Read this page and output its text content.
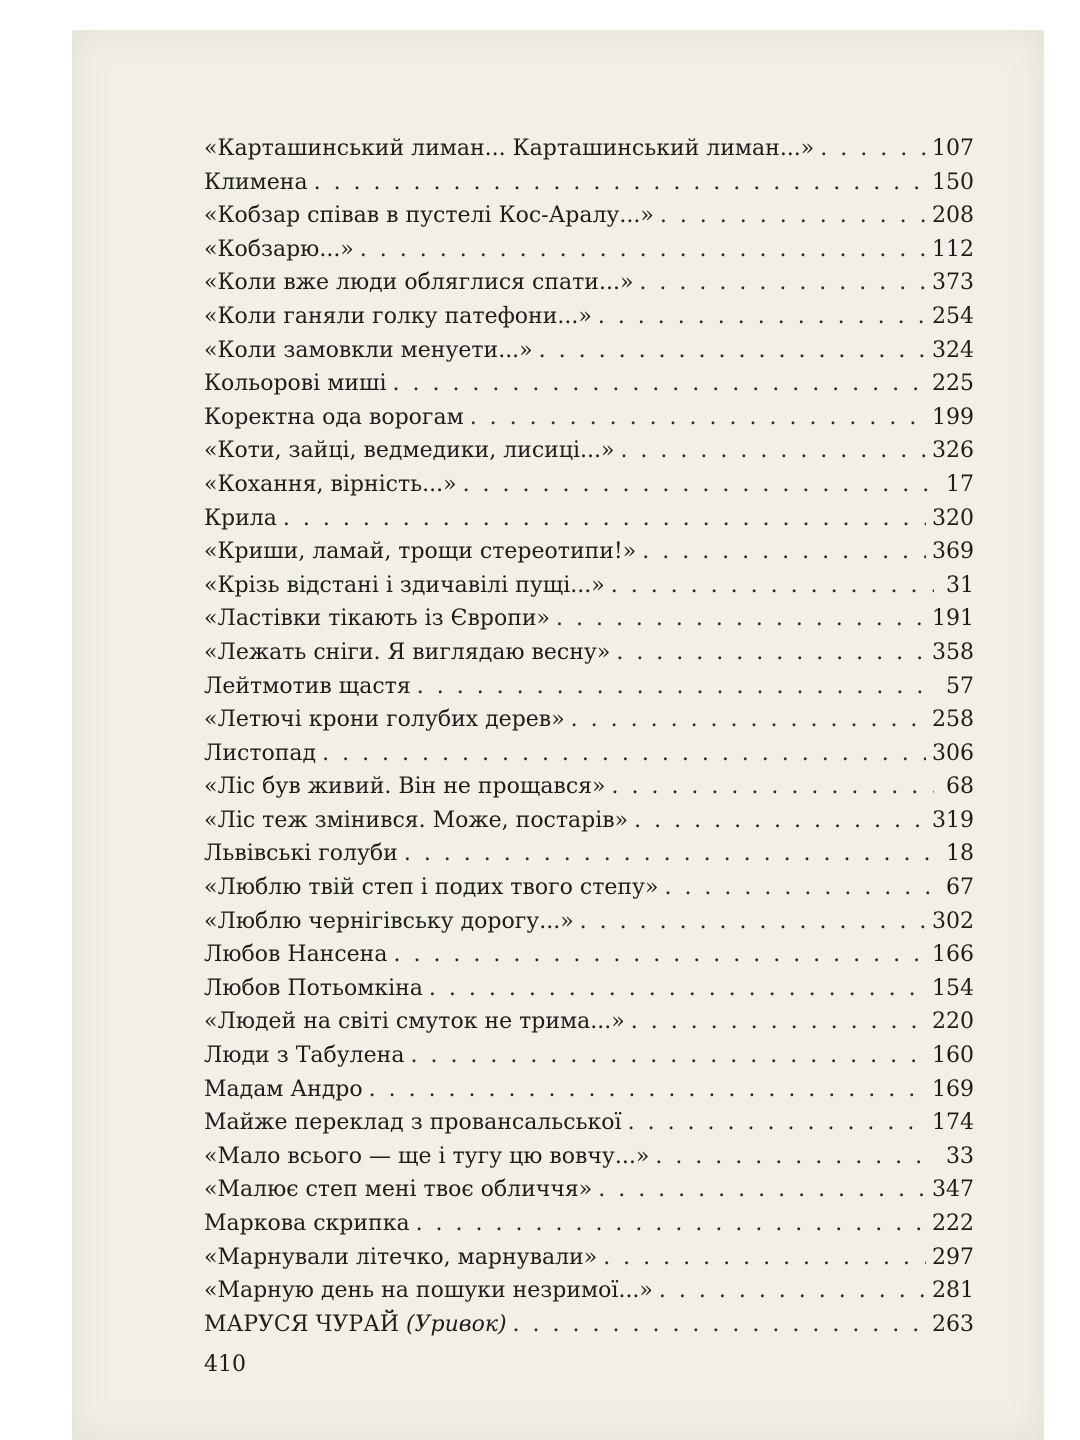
«Карташинський лиман... Карташинський лиман...» . . .	107
Климена . . .	150
«Кобзар співав в пустелі Кос-Аралу...» . . .	208
«Кобзарю...» . . .	112
«Коли вже люди обляглися спати...» . . .	373
«Коли ганяли голку патефони...» . . .	254
«Коли замовкли менуети...» . . .	324
Кольорові миші . . .	225
Коректна ода ворогам . . .	199
«Коти, зайці, ведмедики, лисиці...» . . .	326
«Кохання, вірність...» . . .	17
Крила . . .	320
«Криши, ламай, трощи стереотипи!» . . .	369
«Крізь відстані і здичавілі пущі...» . . .	31
«Ластівки тікають із Європи» . . .	191
«Лежать сніги. Я виглядаю весну» . . .	358
Лейтмотив щастя . . .	57
«Летючі крони голубих дерев» . . .	258
Листопад . . .	306
«Ліс був живий. Він не прощався» . . .	68
«Ліс теж змінився. Може, постарів» . . .	319
Львівські голуби . . .	18
«Люблю твій степ і подих твого степу» . . .	67
«Люблю чернігівську дорогу...» . . .	302
Любов Нансена . . .	166
Любов Потьомкіна . . .	154
«Людей на світі смуток не трима...» . . .	220
Люди з Табулена . . .	160
Мадам Андро . . .	169
Майже переклад з провансальської . . .	174
«Мало всього — ще і тугу цю вовчу...» . . .	33
«Малює степ мені твоє обличчя» . . .	347
Маркова скрипка . . .	222
«Марнували літечко, марнували» . . .	297
«Марную день на пошуки незримої...» . . .	281
МАРУСЯ ЧУРАЙ (Уривок) . . .	263
410
